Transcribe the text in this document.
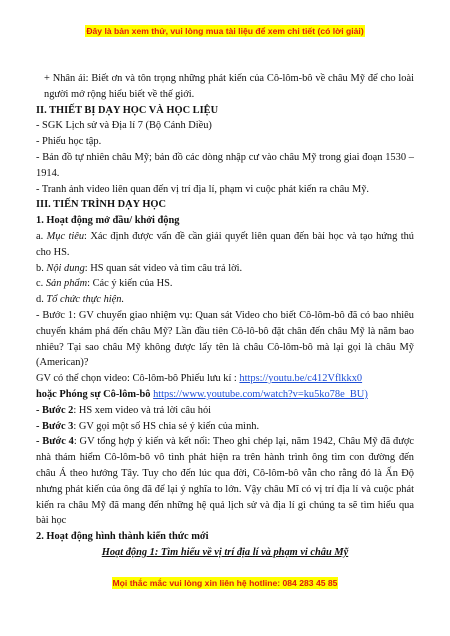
Đây là bản xem thử, vui lòng mua tài liệu để xem chi tiết (có lời giải)

+ Nhân ái: Biết ơn và tôn trọng những phát kiến của Cô-lôm-bô về châu Mỹ để cho loài người mở rộng hiểu biết về thế giới.

II. THIẾT BỊ DẠY HỌC VÀ HỌC LIỆU

- SGK Lịch sử và Địa lí 7 (Bộ Cánh Diều)

- Phiếu học tập.

- Bản đồ tự nhiên châu Mỹ; bản đồ các dòng nhập cư vào châu Mỹ trong giai đoạn 1530 – 1914.

- Tranh ảnh video liên quan đến vị trí địa lí, phạm vi cuộc phát kiến ra châu Mỹ.

III. TIẾN TRÌNH DẠY HỌC

1. Hoạt động mở đầu/ khởi động

a. Mục tiêu: Xác định được vấn đề cần giải quyết liên quan đến bài học và tạo hứng thú cho HS.

b. Nội dung: HS quan sát video và tìm câu trả lời.

c. Sản phẩm: Các ý kiến của HS.

d. Tổ chức thực hiện.

- Bước 1: GV chuyển giao nhiệm vụ: Quan sát Video cho biết Cô-lôm-bô đã có bao nhiêu chuyến khám phá đến châu Mỹ? Lần đầu tiên Cô-lô-bô đặt chân đến châu Mỹ là năm bao nhiêu? Tại sao châu Mỹ không được lấy tên là châu Cô-lôm-bô mà lại gọi là châu Mỹ (American)?

GV có thể chọn video: Cô-lôm-bô Phiếu lưu kí : https://youtu.be/c412Vflkkx0
hoặc Phóng sự Cô-lôm-bô https://www.youtube.com/watch?v=ku5ko78e_BU)

- Bước 2: HS xem video và trả lời câu hỏi

- Bước 3: GV gọi một số HS chia sẻ ý kiến của mình.

- Bước 4: GV tổng hợp ý kiến và kết nối: Theo ghi chép lại, năm 1942, Châu Mỹ đã được nhà thám hiểm Cô-lôm-bô vô tình phát hiện ra trên hành trình ông tìm con đường đến châu Á theo hướng Tây. Tuy cho đến lúc qua đời, Cô-lôm-bô vẫn cho rằng đó là Ấn Độ nhưng phát kiến của ông đã để lại ý nghĩa to lớn. Vậy châu Mĩ có vị trí địa lí và cuộc phát kiến ra châu Mỹ đã mang đến những hệ quả lịch sử và địa lí gì chúng ta sẽ tìm hiểu qua bài học

2. Hoạt động hình thành kiến thức mới

Hoạt động 1: Tìm hiểu về vị trí địa lí và phạm vi châu Mỹ

Mọi thắc mắc vui lòng xin liên hệ hotline: 084 283 45 85
